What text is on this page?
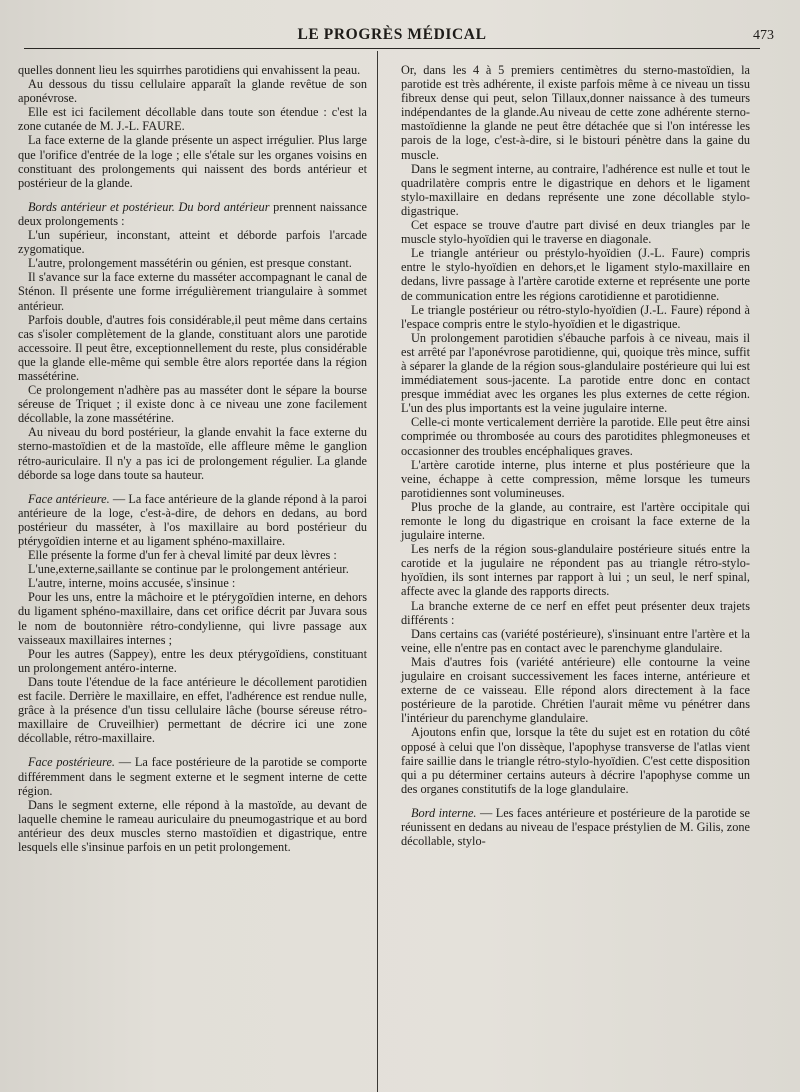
LE PROGRÈS MÉDICAL	473

quelles donnent lieu les squirrhes parotidiens qui envahissent la peau.

Au dessous du tissu cellulaire apparaît la glande revêtue de son aponévrose.

Elle est ici facilement décollable dans toute son étendue : c'est la zone cutanée de M. J.-L. FAURE.

La face externe de la glande présente un aspect irrégulier. Plus large que l'orifice d'entrée de la loge ; elle s'étale sur les organes voisins en constituant des prolongements qui naissent des bords antérieur et postérieur de la glande.

Bords antérieur et postérieur. Du bord antérieur prennent naissance deux prolongements :

L'un supérieur, inconstant, atteint et déborde parfois l'arcade zygomatique.

L'autre, prolongement massétérin ou génien, est presque constant.

Il s'avance sur la face externe du masséter accompagnant le canal de Sténon. Il présente une forme irrégulièrement triangulaire à sommet antérieur.

Parfois double, d'autres fois considérable,il peut même dans certains cas s'isoler complètement de la glande, constituant alors une parotide accessoire. Il peut être, exceptionnellement du reste, plus considérable que la glande elle-même qui semble être alors reportée dans la région massétérine.

Ce prolongement n'adhère pas au masséter dont le sépare la bourse séreuse de Triquet ; il existe donc à ce niveau une zone facilement décollable, la zone massétérine.

Au niveau du bord postérieur, la glande envahit la face externe du sterno-mastoïdien et de la mastoïde, elle affleure même le ganglion rétro-auriculaire. Il n'y a pas ici de prolongement régulier. La glande déborde sa loge dans toute sa hauteur.

Face antérieure. — La face antérieure de la glande répond à la paroi antérieure de la loge, c'est-à-dire, de dehors en dedans, au bord postérieur du masséter, à l'os maxillaire au bord postérieur du ptérygoïdien interne et au ligament sphéno-maxillaire.

Elle présente la forme d'un fer à cheval limité par deux lèvres :

L'une,externe,saillante se continue par le prolongement antérieur.

L'autre, interne, moins accusée, s'insinue :

Pour les uns, entre la mâchoire et le ptérygoïdien interne, en dehors du ligament sphéno-maxillaire, dans cet orifice décrit par Juvara sous le nom de boutonnière rétro-condylienne, qui livre passage aux vaisseaux maxillaires internes ;

Pour les autres (Sappey), entre les deux ptérygoïdiens, constituant un prolongement antéro-interne.

Dans toute l'étendue de la face antérieure le décollement parotidien est facile. Derrière le maxillaire, en effet, l'adhérence est rendue nulle, grâce à la présence d'un tissu cellulaire lâche (bourse séreuse rétro-maxillaire de Cruveilhier) permettant de décrire ici une zone décollable, rétro-maxillaire.

Face postérieure. — La face postérieure de la parotide se comporte différemment dans le segment externe et le segment interne de cette région.

Dans le segment externe, elle répond à la mastoïde, au devant de laquelle chemine le rameau auriculaire du pneumogastrique et au bord antérieur des deux muscles sterno mastoïdien et digastrique, entre lesquels elle s'insinue parfois en un petit prolongement.

Or, dans les 4 à 5 premiers centimètres du sterno-mastoïdien, la parotide est très adhérente, il existe parfois même à ce niveau un tissu fibreux dense qui peut, selon Tillaux,donner naissance à des tumeurs indépendantes de la glande.Au niveau de cette zone adhérente sterno-mastoïdienne la glande ne peut être détachée que si l'on intéresse les parois de la loge, c'est-à-dire, si le bistouri pénètre dans la gaine du muscle.

Dans le segment interne, au contraire, l'adhérence est nulle et tout le quadrilatère compris entre le digastrique en dehors et le ligament stylo-maxillaire en dedans représente une zone décollable stylo-digastrique.

Cet espace se trouve d'autre part divisé en deux triangles par le muscle stylo-hyoïdien qui le traverse en diagonale.

Le triangle antérieur ou préstylo-hyoïdien (J.-L. Faure) compris entre le stylo-hyoïdien en dehors,et le ligament stylo-maxillaire en dedans, livre passage à l'artère carotide externe et représente une porte de communication entre les régions carotidienne et parotidienne.

Le triangle postérieur ou rétro-stylo-hyoïdien (J.-L. Faure) répond à l'espace compris entre le stylo-hyoïdien et le digastrique.

Un prolongement parotidien s'ébauche parfois à ce niveau, mais il est arrêté par l'aponévrose parotidienne, qui, quoique très mince, suffit à séparer la glande de la région sous-glandulaire postérieure qui lui est immédiatement sous-jacente. La parotide entre donc en contact presque immédiat avec les organes les plus externes de cette région. L'un des plus importants est la veine jugulaire interne.

Celle-ci monte verticalement derrière la parotide. Elle peut être ainsi comprimée ou thrombosée au cours des parotidites phlegmoneuses et occasionner des troubles encéphaliques graves.

L'artère carotide interne, plus interne et plus postérieure que la veine, échappe à cette compression, même lorsque les tumeurs parotidiennes sont volumineuses.

Plus proche de la glande, au contraire, est l'artère occipitale qui remonte le long du digastrique en croisant la face externe de la jugulaire interne.

Les nerfs de la région sous-glandulaire postérieure situés entre la carotide et la jugulaire ne répondent pas au triangle rétro-stylo-hyoïdien, ils sont internes par rapport à lui ; un seul, le nerf spinal, affecte avec la glande des rapports directs.

La branche externe de ce nerf en effet peut présenter deux trajets différents :

Dans certains cas (variété postérieure), s'insinuant entre l'artère et la veine, elle n'entre pas en contact avec le parenchyme glandulaire.

Mais d'autres fois (variété antérieure) elle contourne la veine jugulaire en croisant successivement les faces interne, antérieure et externe de ce vaisseau. Elle répond alors directement à la face postérieure de la parotide. Chrétien l'aurait même vu pénétrer dans l'intérieur du parenchyme glandulaire.

Ajoutons enfin que, lorsque la tête du sujet est en rotation du côté opposé à celui que l'on dissèque, l'apophyse transverse de l'atlas vient faire saillie dans le triangle rétro-stylo-hyoïdien. C'est cette disposition qui a pu déterminer certains auteurs à décrire l'apophyse comme un des organes constitutifs de la loge glandulaire.

Bord interne. — Les faces antérieure et postérieure de la parotide se réunissent en dedans au niveau de l'espace préstylien de M. Gilis, zone décollable, stylo-
